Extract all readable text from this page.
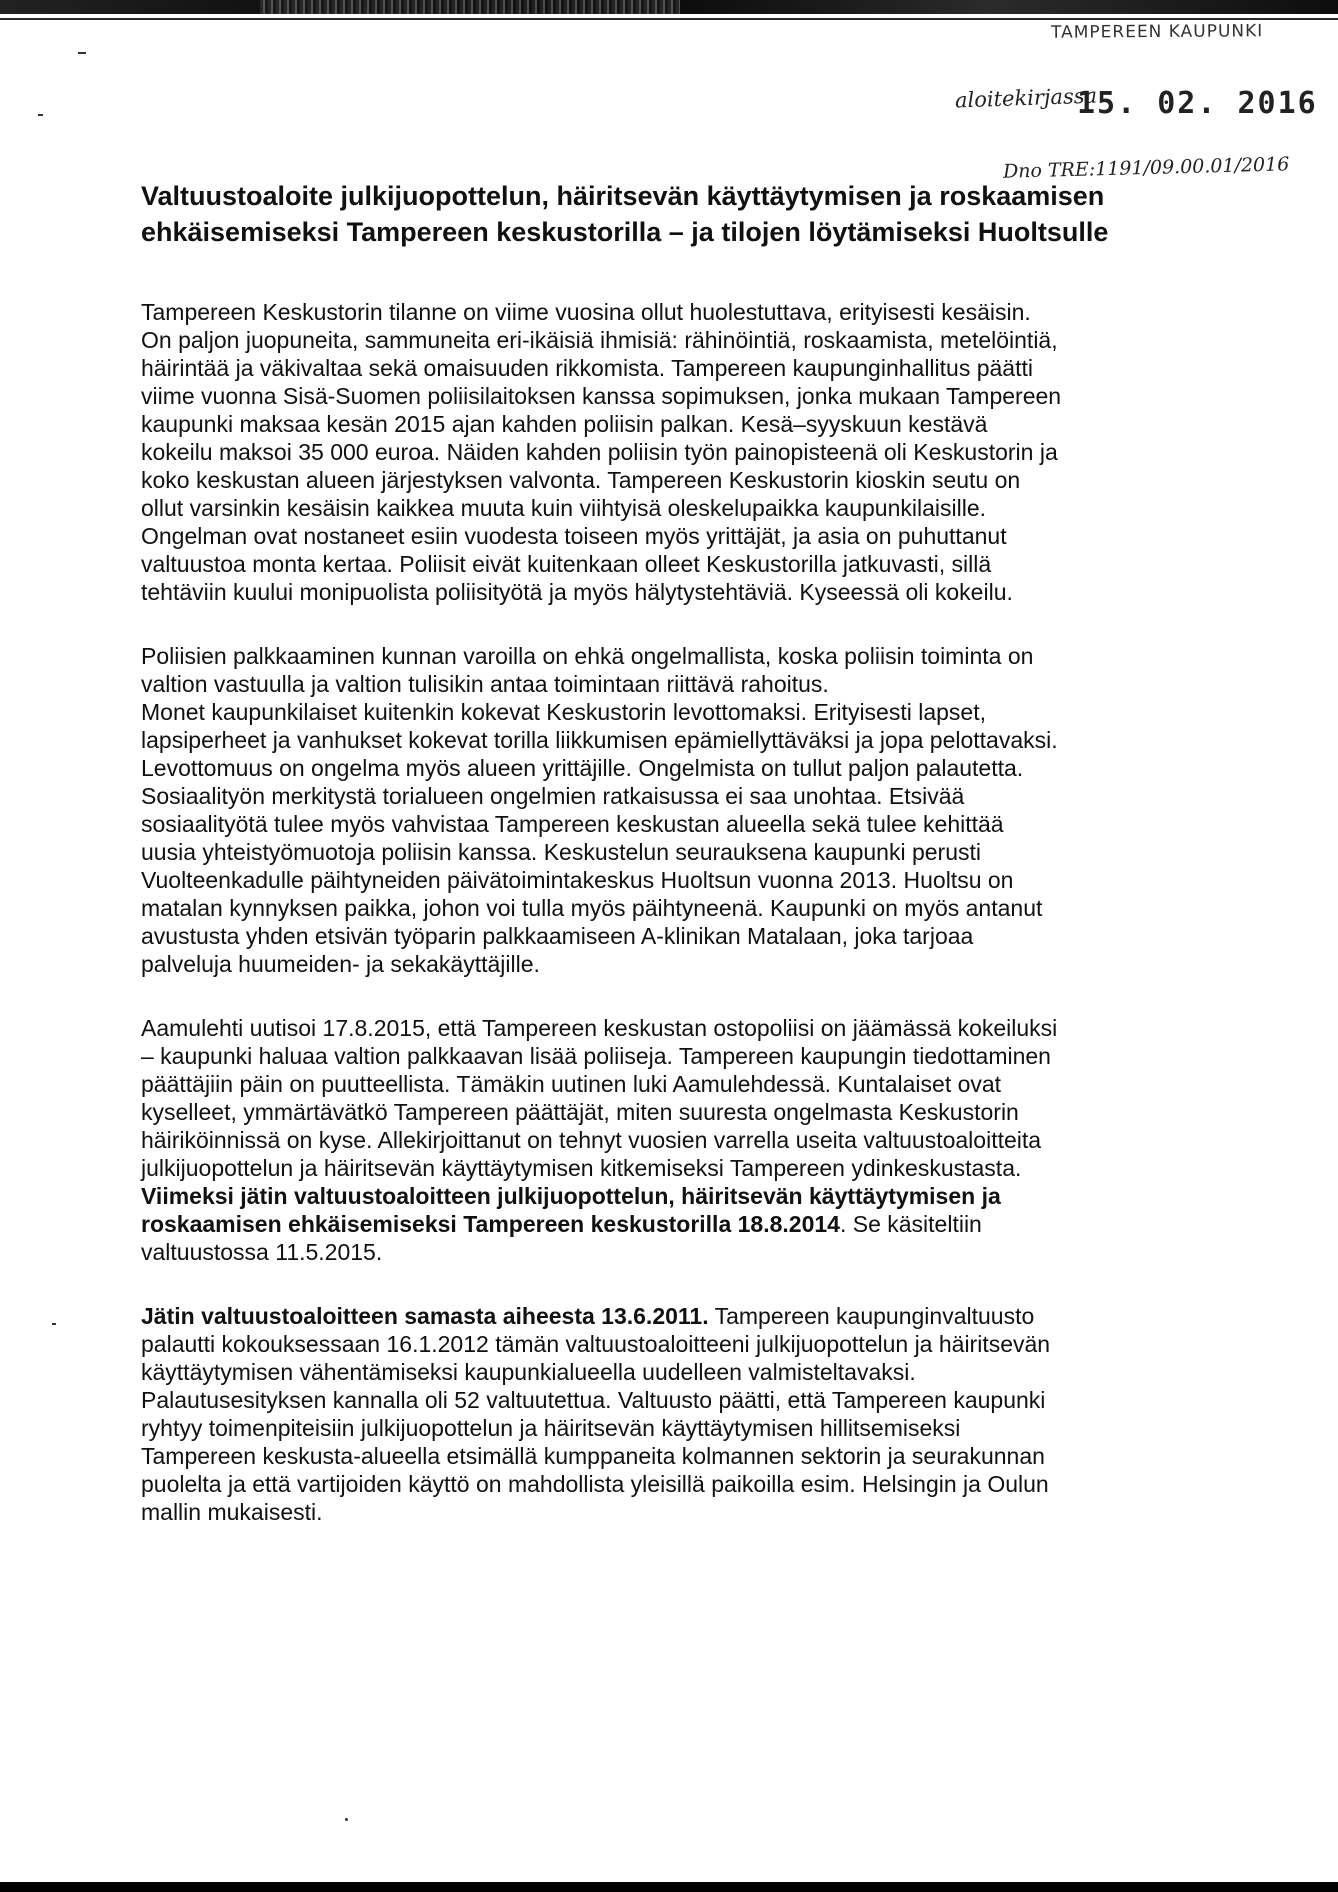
TAMPEREEN KAUPUNKI
aloitekirjassa
15. 02. 2016
Dno TRE:1191/09.00.01/2016
Valtuustoaloite julkijuopottelun, häiritsevän käyttäytymisen ja roskaamisen ehkäisemiseksi Tampereen keskustorilla – ja tilojen löytämiseksi Huoltsulle

Tampereen Keskustorin tilanne on viime vuosina ollut huolestuttava, erityisesti kesäisin.
On paljon juopuneita, sammuneita eri-ikäisiä ihmisiä: rähinöintiä, roskaamista, metelöintiä,
häirintää ja väkivaltaa sekä omaisuuden rikkomista. Tampereen kaupunginhallitus päätti
viime vuonna Sisä-Suomen poliisilaitoksen kanssa sopimuksen, jonka mukaan Tampereen
kaupunki maksaa kesän 2015 ajan kahden poliisin palkan. Kesä–syyskuun kestävä
kokeilu maksoi 35 000 euroa. Näiden kahden poliisin työn painopisteenä oli Keskustorin ja
koko keskustan alueen järjestyksen valvonta. Tampereen Keskustorin kioskin seutu on
ollut varsinkin kesäisin kaikkea muuta kuin viihtyisä oleskelupaikka kaupunkilaisille.
Ongelman ovat nostaneet esiin vuodesta toiseen myös yrittäjät, ja asia on puhuttanut
valtuustoa monta kertaa. Poliisit eivät kuitenkaan olleet Keskustorilla jatkuvasti, sillä
tehtäviin kuului monipuolista poliisityötä ja myös hälytystehtäviä. Kyseessä oli kokeilu.

Poliisien palkkaaminen kunnan varoilla on ehkä ongelmallista, koska poliisin toiminta on
valtion vastuulla ja valtion tulisikin antaa toimintaan riittävä rahoitus.
Monet kaupunkilaiset kuitenkin kokevat Keskustorin levottomaksi. Erityisesti lapset,
lapsiperheet ja vanhukset kokevat torilla liikkumisen epämiellyttäväksi ja jopa pelottavaksi.
Levottomuus on ongelma myös alueen yrittäjille. Ongelmista on tullut paljon palautetta.
Sosiaalityön merkitystä torialueen ongelmien ratkaisussa ei saa unohtaa. Etsivää
sosiaalityötä tulee myös vahvistaa Tampereen keskustan alueella sekä tulee kehittää
uusia yhteistyömuotoja poliisin kanssa. Keskustelun seurauksena kaupunki perusti
Vuolteenkadulle päihtyneiden päivätoimintakeskus Huoltsun vuonna 2013. Huoltsu on
matalan kynnyksen paikka, johon voi tulla myös päihtyneenä. Kaupunki on myös antanut
avustusta yhden etsivän työparin palkkaamiseen A-klinikan Matalaan, joka tarjoaa
palveluja huumeiden- ja sekakäyttäjille.

Aamulehti uutisoi 17.8.2015, että Tampereen keskustan ostopoliisi on jäämässä kokeiluksi
– kaupunki haluaa valtion palkkaavan lisää poliiseja. Tampereen kaupungin tiedottaminen
päättäjiin päin on puutteellista. Tämäkin uutinen luki Aamulehdessä. Kuntalaiset ovat
kyselleet, ymmärtävätkö Tampereen päättäjät, miten suuresta ongelmasta Keskustorin
häiriköinnissä on kyse. Allekirjoittanut on tehnyt vuosien varrella useita valtuustoaloitteita
julkijuopottelun ja häiritsevän käyttäytymisen kitkemiseksi Tampereen ydinkeskustasta.
Viimeksi jätin valtuustoaloitteen julkijuopottelun, häiritsevän käyttäytymisen ja
roskaamisen ehkäisemiseksi Tampereen keskustorilla 18.8.2014. Se käsiteltiin
valtuustossa 11.5.2015.

Jätin valtuustoaloitteen samasta aiheesta 13.6.2011. Tampereen kaupunginvaltuusto
palautti kokouksessaan 16.1.2012 tämän valtuustoaloitteeni julkijuopottelun ja häiritsevän
käyttäytymisen vähentämiseksi kaupunkialueella uudelleen valmisteltavaksi.
Palautusesityksen kannalla oli 52 valtuutettua. Valtuusto päätti, että Tampereen kaupunki
ryhtyy toimenpiteisiin julkijuopottelun ja häiritsevän käyttäytymisen hillitsemiseksi
Tampereen keskusta-alueella etsimällä kumppaneita kolmannen sektorin ja seurakunnan
puolelta ja että vartijoiden käyttö on mahdollista yleisillä paikoilla esim. Helsingin ja Oulun
mallin mukaisesti.
